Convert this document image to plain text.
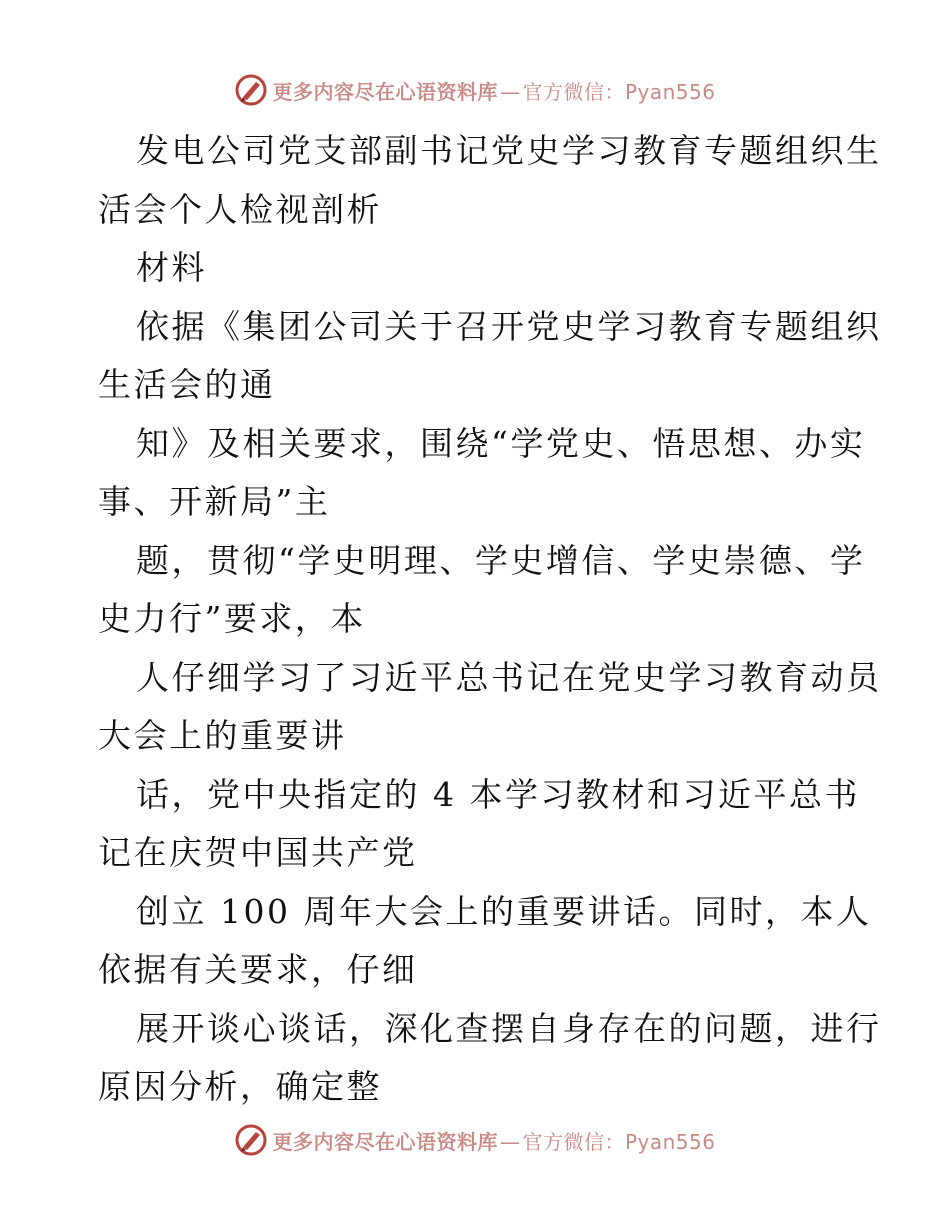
更多内容尽在心语资料库 — 官方微信：Pyan556
发电公司党支部副书记党史学习教育专题组织生
活会个人检视剖析
材料
依据《集团公司关于召开党史学习教育专题组织
生活会的通
知》及相关要求，围绕“学党史、悟思想、办实
事、开新局”主
题，贯彻“学史明理、学史增信、学史崇德、学
史力行”要求，本
人仔细学习了习近平总书记在党史学习教育动员
大会上的重要讲
话，党中央指定的 4 本学习教材和习近平总书
记在庆贺中国共产党
创立 100 周年大会上的重要讲话。同时，本人
依据有关要求，仔细
展开谈心谈话，深化查摆自身存在的问题，进行
原因分析，确定整
更多内容尽在心语资料库 — 官方微信：Pyan556
